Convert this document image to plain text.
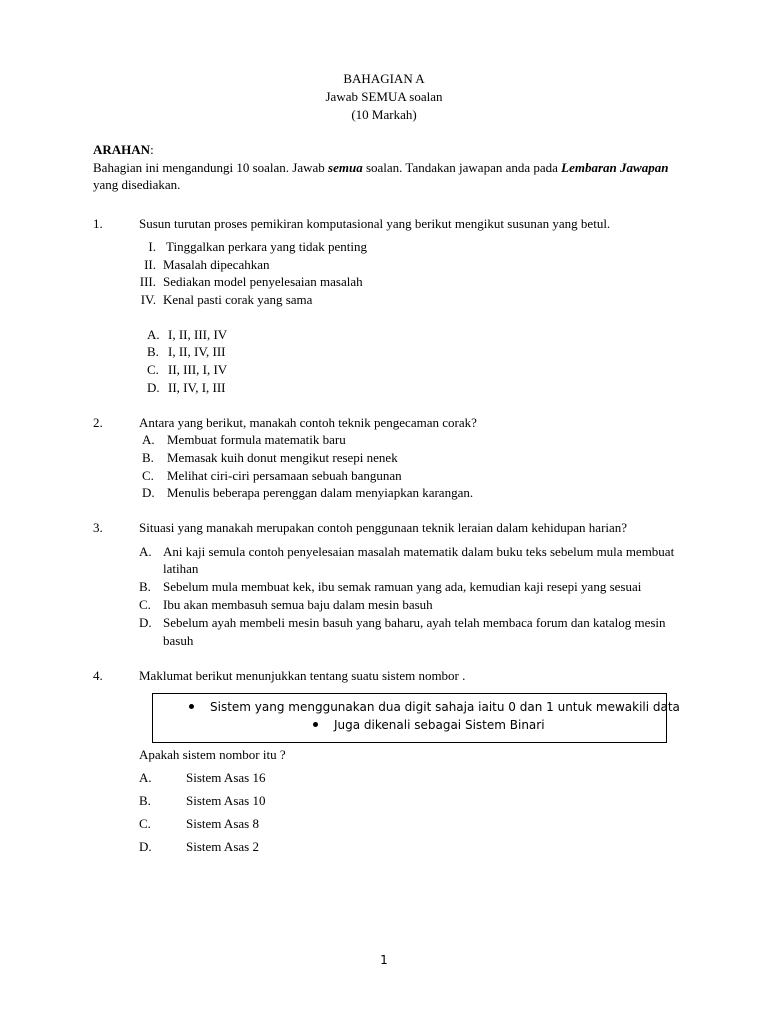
BAHAGIAN A
Jawab SEMUA soalan
(10 Markah)
ARAHAN:
Bahagian ini mengandungi 10 soalan. Jawab semua soalan. Tandakan jawapan anda pada Lembaran Jawapan
yang disediakan.
1.	Susun turutan proses pemikiran komputasional yang berikut mengikut susunan yang betul.
I. Tinggalkan perkara yang tidak penting
II. Masalah dipecahkan
III. Sediakan model penyelesaian masalah
IV. Kenal pasti corak yang sama
A. I, II, III, IV
B. I, II, IV, III
C. II, III, I, IV
D. II, IV, I, III
2.	Antara yang berikut, manakah contoh teknik pengecaman corak?
A. Membuat formula matematik baru
B. Memasak kuih donut mengikut resepi nenek
C. Melihat ciri-ciri persamaan sebuah bangunan
D. Menulis beberapa perenggan dalam menyiapkan karangan.
3.	Situasi yang manakah merupakan contoh penggunaan teknik leraian dalam kehidupan harian?
A. Ani kaji semula contoh penyelesaian masalah matematik dalam buku teks sebelum mula membuat
latihan
B. Sebelum mula membuat kek, ibu semak ramuan yang ada, kemudian kaji resepi yang sesuai
C. Ibu akan membasuh semua baju dalam mesin basuh
D. Sebelum ayah membeli mesin basuh yang baharu, ayah telah membaca forum dan katalog mesin
basuh
4.	Maklumat berikut menunjukkan tentang suatu sistem nombor .
Sistem yang menggunakan dua digit sahaja iaitu 0 dan 1 untuk mewakili data
Juga dikenali sebagai Sistem Binari
Apakah sistem nombor itu ?
A.	Sistem Asas 16
B.	Sistem Asas 10
C.	Sistem Asas 8
D.	Sistem Asas 2
1
